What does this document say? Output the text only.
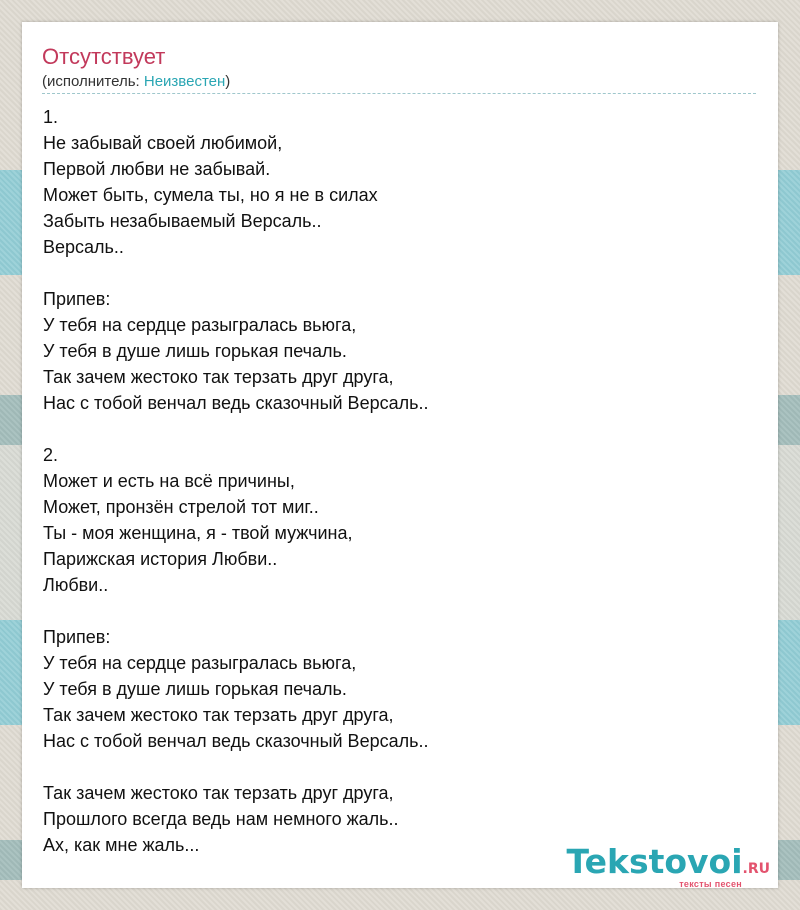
Отсутствует
(исполнитель: Неизвестен)
1.
Не забывай своей любимой,
Первой любви не забывай.
Может быть, сумела ты, но я не в силах
Забыть незабываемый Версаль..
Версаль..
Припев:
У тебя на сердце разыгралась вьюга,
У тебя в душе лишь горькая печаль.
Так зачем жестоко так терзать друг друга,
Нас с тобой венчал ведь сказочный Версаль..
2.
Может и есть на всё причины,
Может, пронзён стрелой тот миг..
Ты - моя женщина, я - твой мужчина,
Парижская история Любви..
Любви..
Припев:
У тебя на сердце разыгралась вьюга,
У тебя в душе лишь горькая печаль.
Так зачем жестоко так терзать друг друга,
Нас с тобой венчал ведь сказочный Версаль..
Так зачем жестоко так терзать друг друга,
Прошлого всегда ведь нам немного жаль..
Ах, как мне жаль...	Tekstovoi.RU
тексты песен
